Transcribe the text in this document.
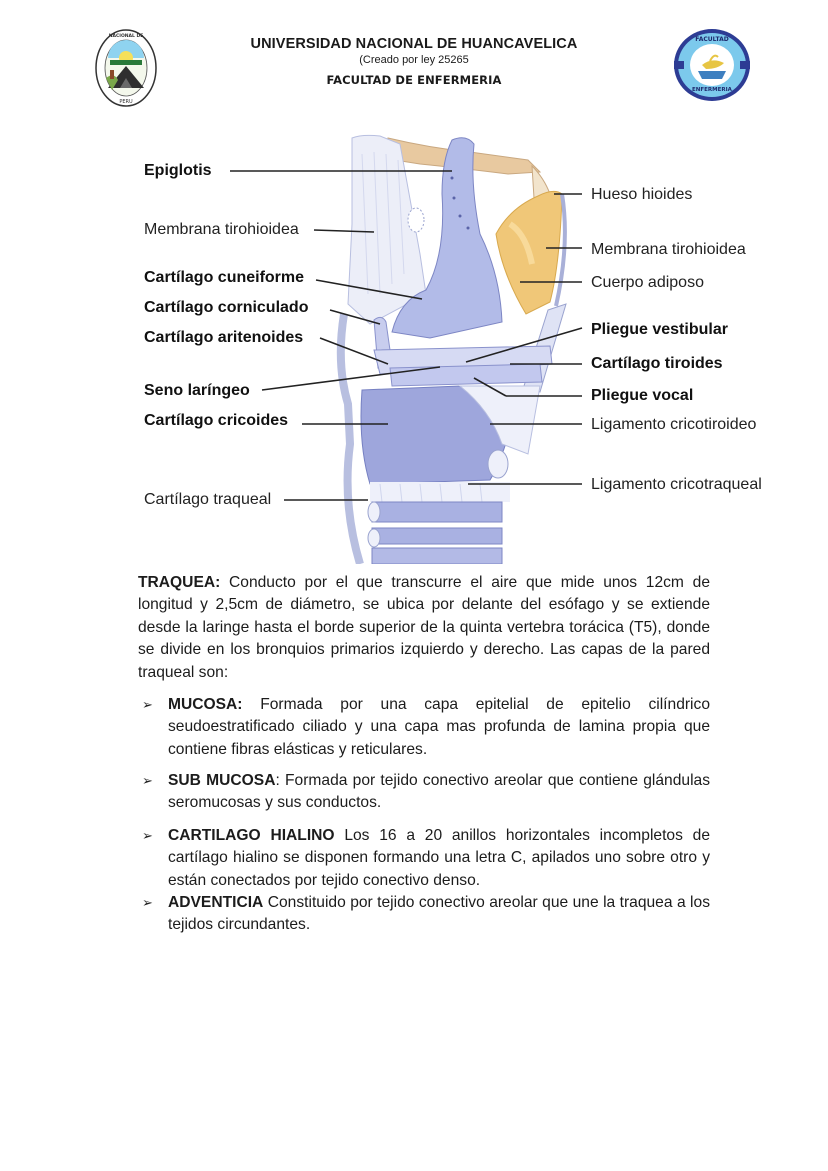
PERU
NACIONAL DE	UNIVERSIDAD NACIONAL DE HUANCAVELICA
(Creado por ley 25265
FACULTAD DE ENFERMERIA
FACULTAD
ENFERMERIA
Epiglotis
Membrana tirohioidea
Cartílago cuneiforme
Cartílago corniculado
Cartílago aritenoides
Seno laríngeo
Cartílago cricoides
Cartílago traqueal
Hueso hioides
Membrana tirohioidea
Cuerpo adiposo
Pliegue vestibular
Cartílago tiroides
Pliegue vocal
Ligamento cricotiroideo
Ligamento cricotraqueal
TRAQUEA: Conducto por el que transcurre el aire que mide unos 12cm de longitud y 2,5cm de diámetro, se ubica por delante del esófago y se extiende desde la laringe hasta el borde superior de la quinta vertebra torácica (T5), donde se divide en los bronquios primarios izquierdo y derecho. Las capas de la pared traqueal son:
➢ MUCOSA: Formada por una capa epitelial de epitelio cilíndrico seudoestratificado ciliado y una capa mas profunda de lamina propia que contiene fibras elásticas y reticulares.
➢ SUB MUCOSA: Formada por tejido conectivo areolar que contiene glándulas seromucosas y sus conductos.
➢ CARTILAGO HIALINO Los 16 a 20 anillos horizontales incompletos de cartílago hialino se disponen formando una letra C, apilados uno sobre otro y están conectados por tejido conectivo denso.
➢ ADVENTICIA Constituido por tejido conectivo areolar que une la traquea a los tejidos circundantes.
